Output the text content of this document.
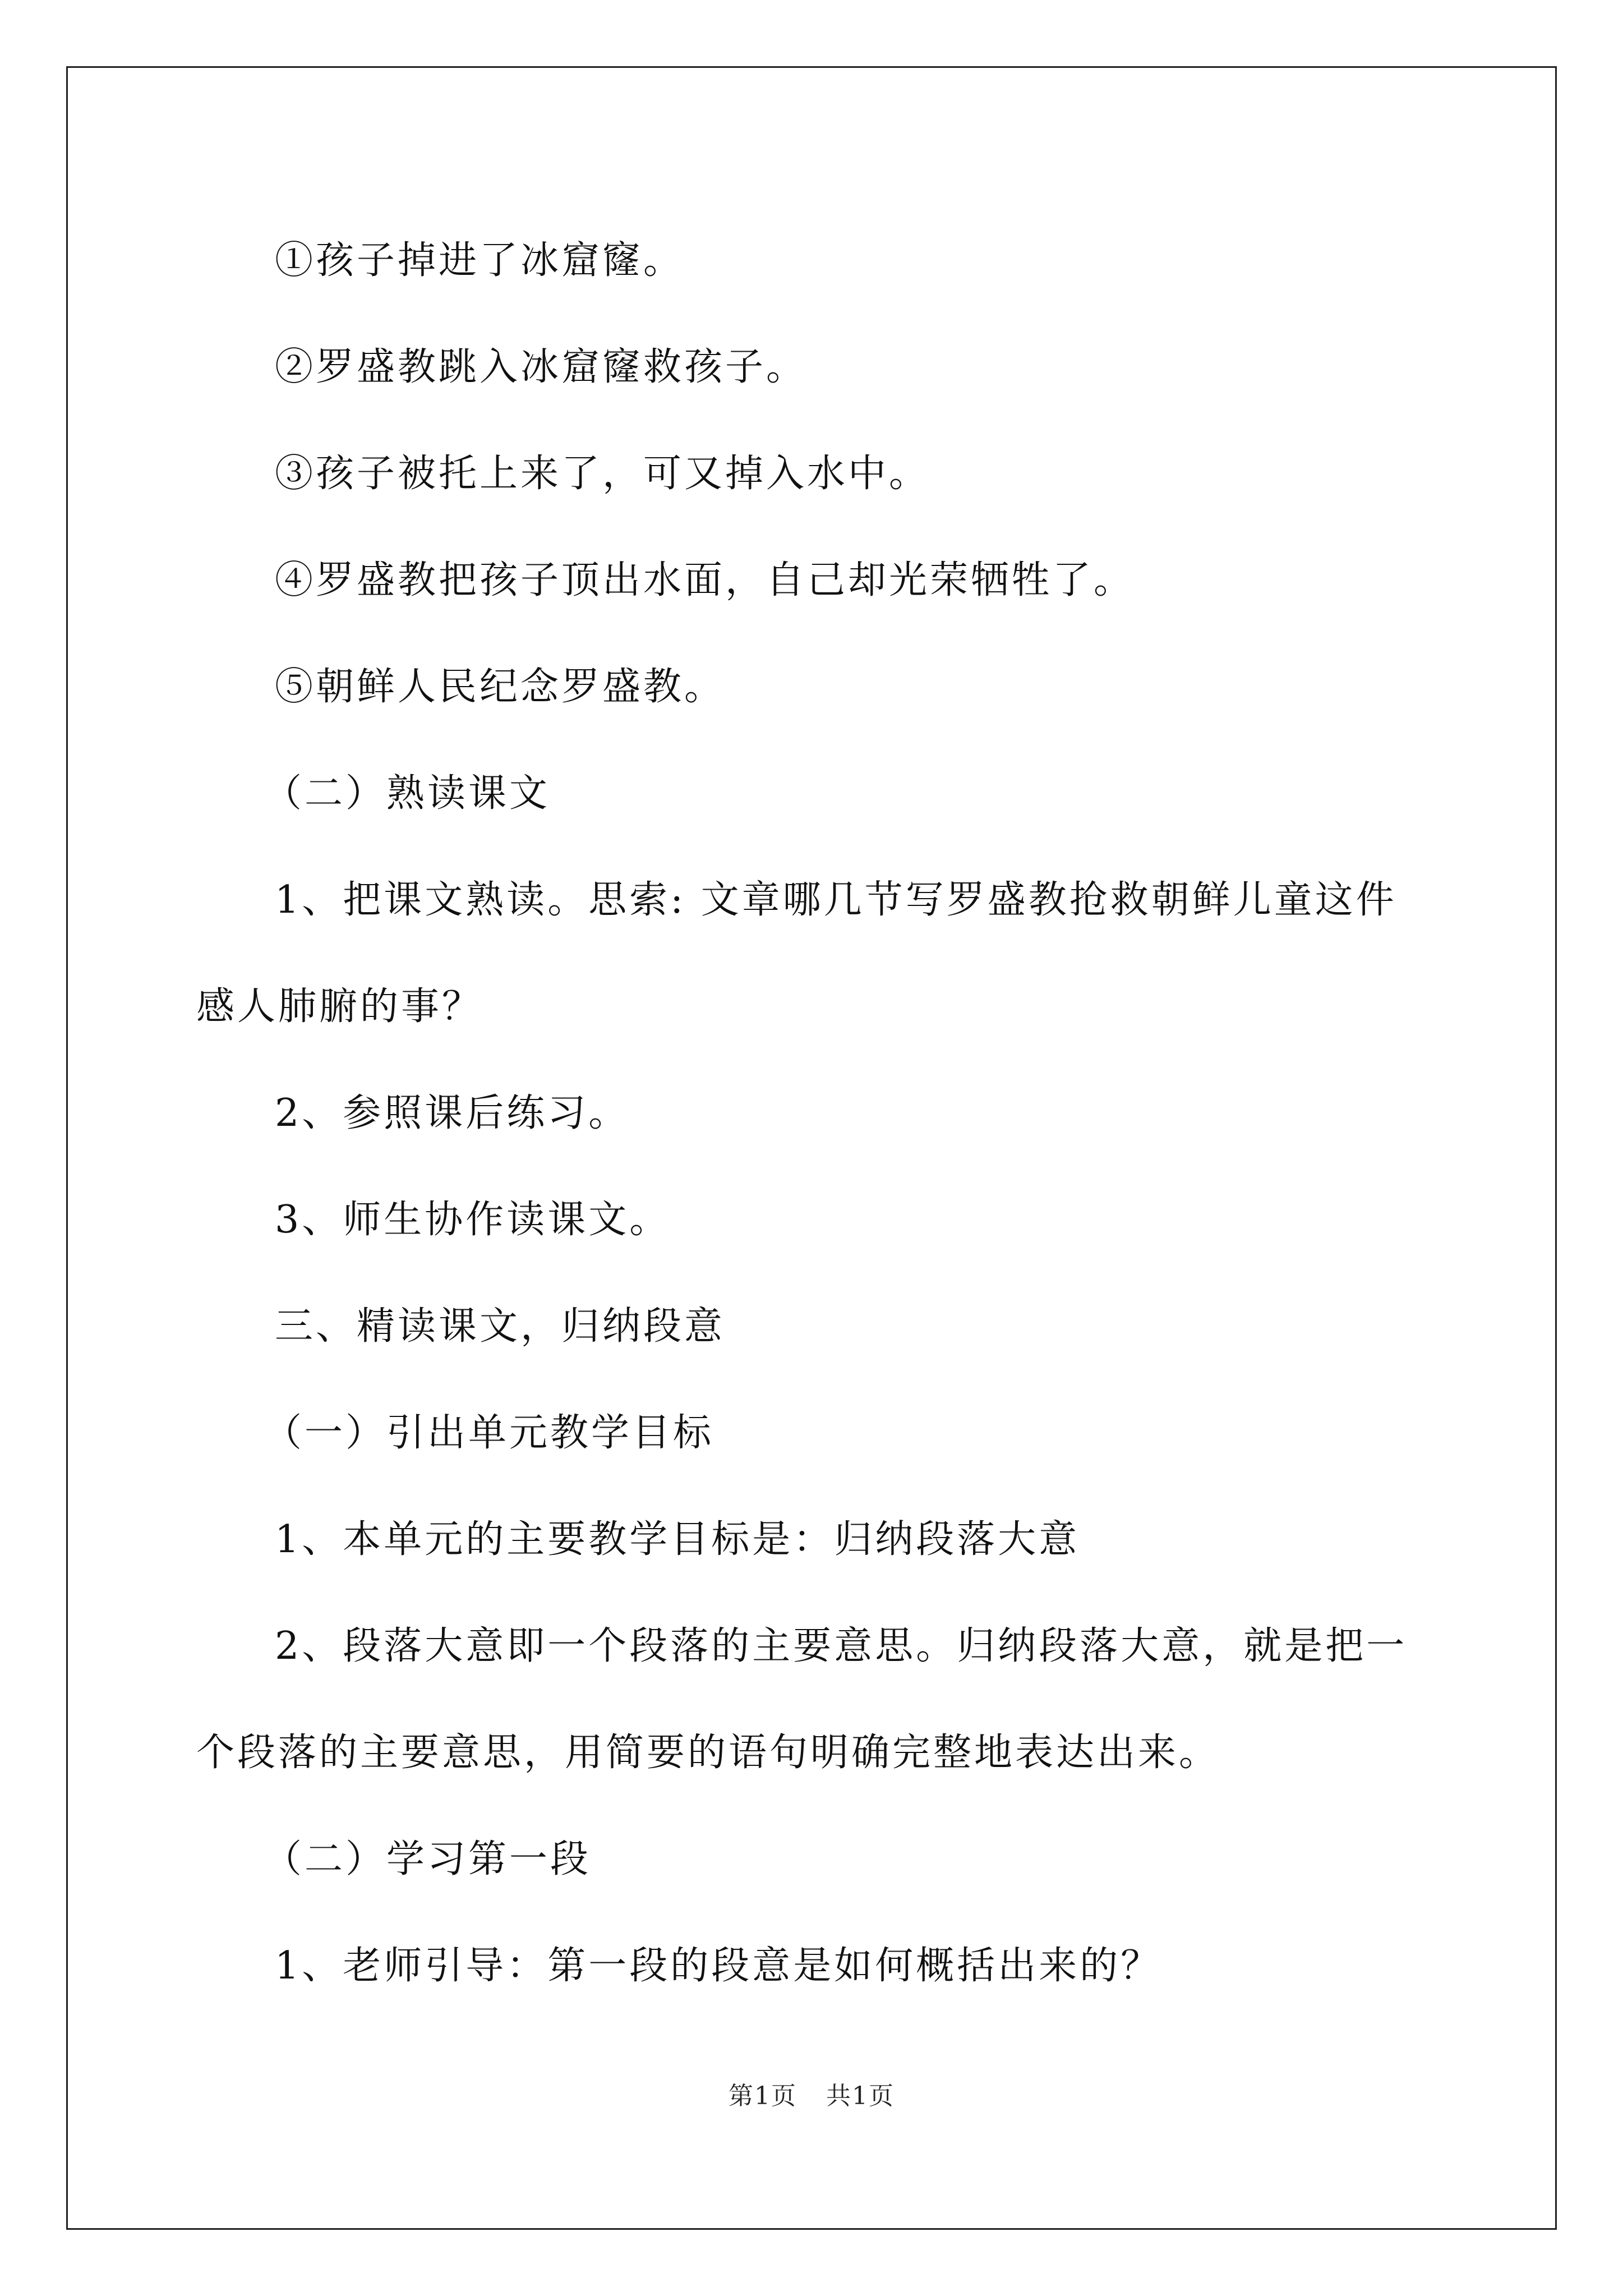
①孩子掉进了冰窟窿。

②罗盛教跳入冰窟窿救孩子。

③孩子被托上来了，可又掉入水中。

④罗盛教把孩子顶出水面，自己却光荣牺牲了。

⑤朝鲜人民纪念罗盛教。

（二）熟读课文

1、把课文熟读。思索: 文章哪几节写罗盛教抢救朝鲜儿童这件感人肺腑的事？

2、参照课后练习。

3、师生协作读课文。

三、精读课文，归纳段意

（一）引出单元教学目标

1、本单元的主要教学目标是：归纳段落大意

2、段落大意即一个段落的主要意思。归纳段落大意，就是把一个段落的主要意思，用简要的语句明确完整地表达出来。

（二）学习第一段

1、老师引导：第一段的段意是如何概括出来的？

第1页 共1页
